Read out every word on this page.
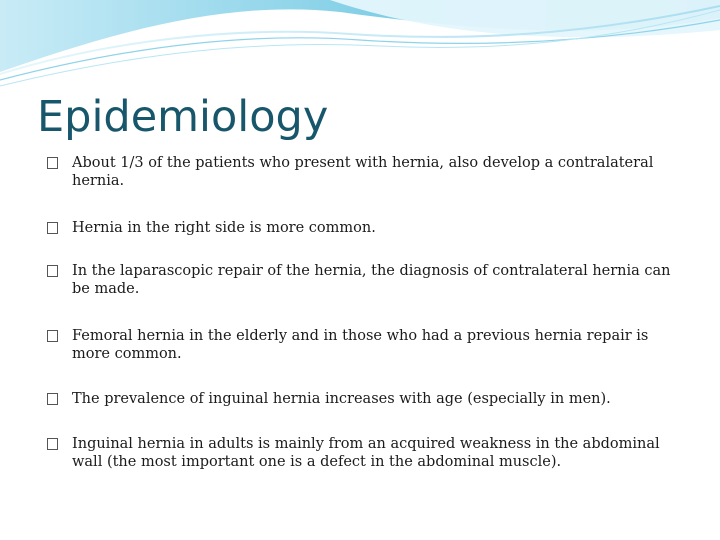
Epidemiology
About 1/3 of the patients who present with hernia, also develop a contralateral hernia.
Hernia in the right side is more common.
In the laparascopic repair of the hernia, the diagnosis of contralateral hernia can be made.
Femoral hernia in the elderly and in those who had a previous hernia repair is more common.
The prevalence of inguinal hernia increases with age (especially in men).
Inguinal hernia in adults is mainly from an acquired weakness in the abdominal wall (the most important one is a defect in the abdominal muscle).
